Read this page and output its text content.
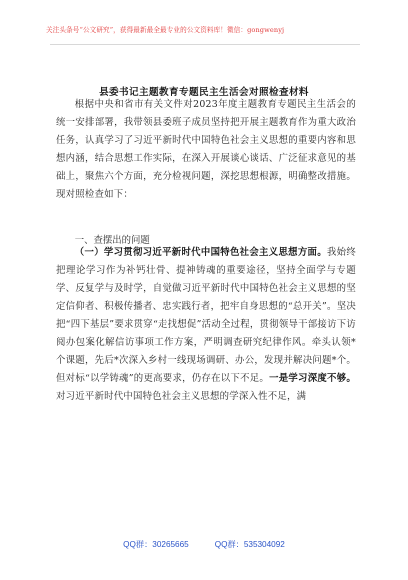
关注头条号“公文研究”，获得最新最全最专业的公文资料库！微信：gongwenyj
县委书记主题教育专题民主生活会对照检查材料

根据中央和省市有关文件对2023年度主题教育专题民主生活会的统一安排部署，我带领县委班子成员坚持把开展主题教育作为重大政治任务，认真学习了习近平新时代中国特色社会主义思想的重要内容和思想内涵，结合思想工作实际，在深入开展谈心谈话、广泛征求意见的基础上，聚焦六个方面，充分检视问题，深挖思想根源，明确整改措施。现对照检查如下：

一、查摆出的问题

（一）学习贯彻习近平新时代中国特色社会主义思想方面。我始终把理论学习作为补钙壮骨、提神铸魂的重要途径，坚持全面学与专题学、反复学与及时学，自觉做习近平新时代中国特色社会主义思想的坚定信仰者、积极传播者、忠实践行者，把牢自身思想的“总开关”。坚决把“四下基层”要求贯穿“走找想促”活动全过程，贯彻领导干部接访下访阅办包案化解信访事项工作方案，严明调查研究纪律作风。牵头认领*个课题，先后*次深入乡村一线现场调研、办公，发现并解决问题*个。但对标“以学铸魂”的更高要求，仍存在以下不足。一是学习深度不够。对习近平新时代中国特色社会主义思想的学深入性不足，满

QQ群：30265665	QQ群：535304092
